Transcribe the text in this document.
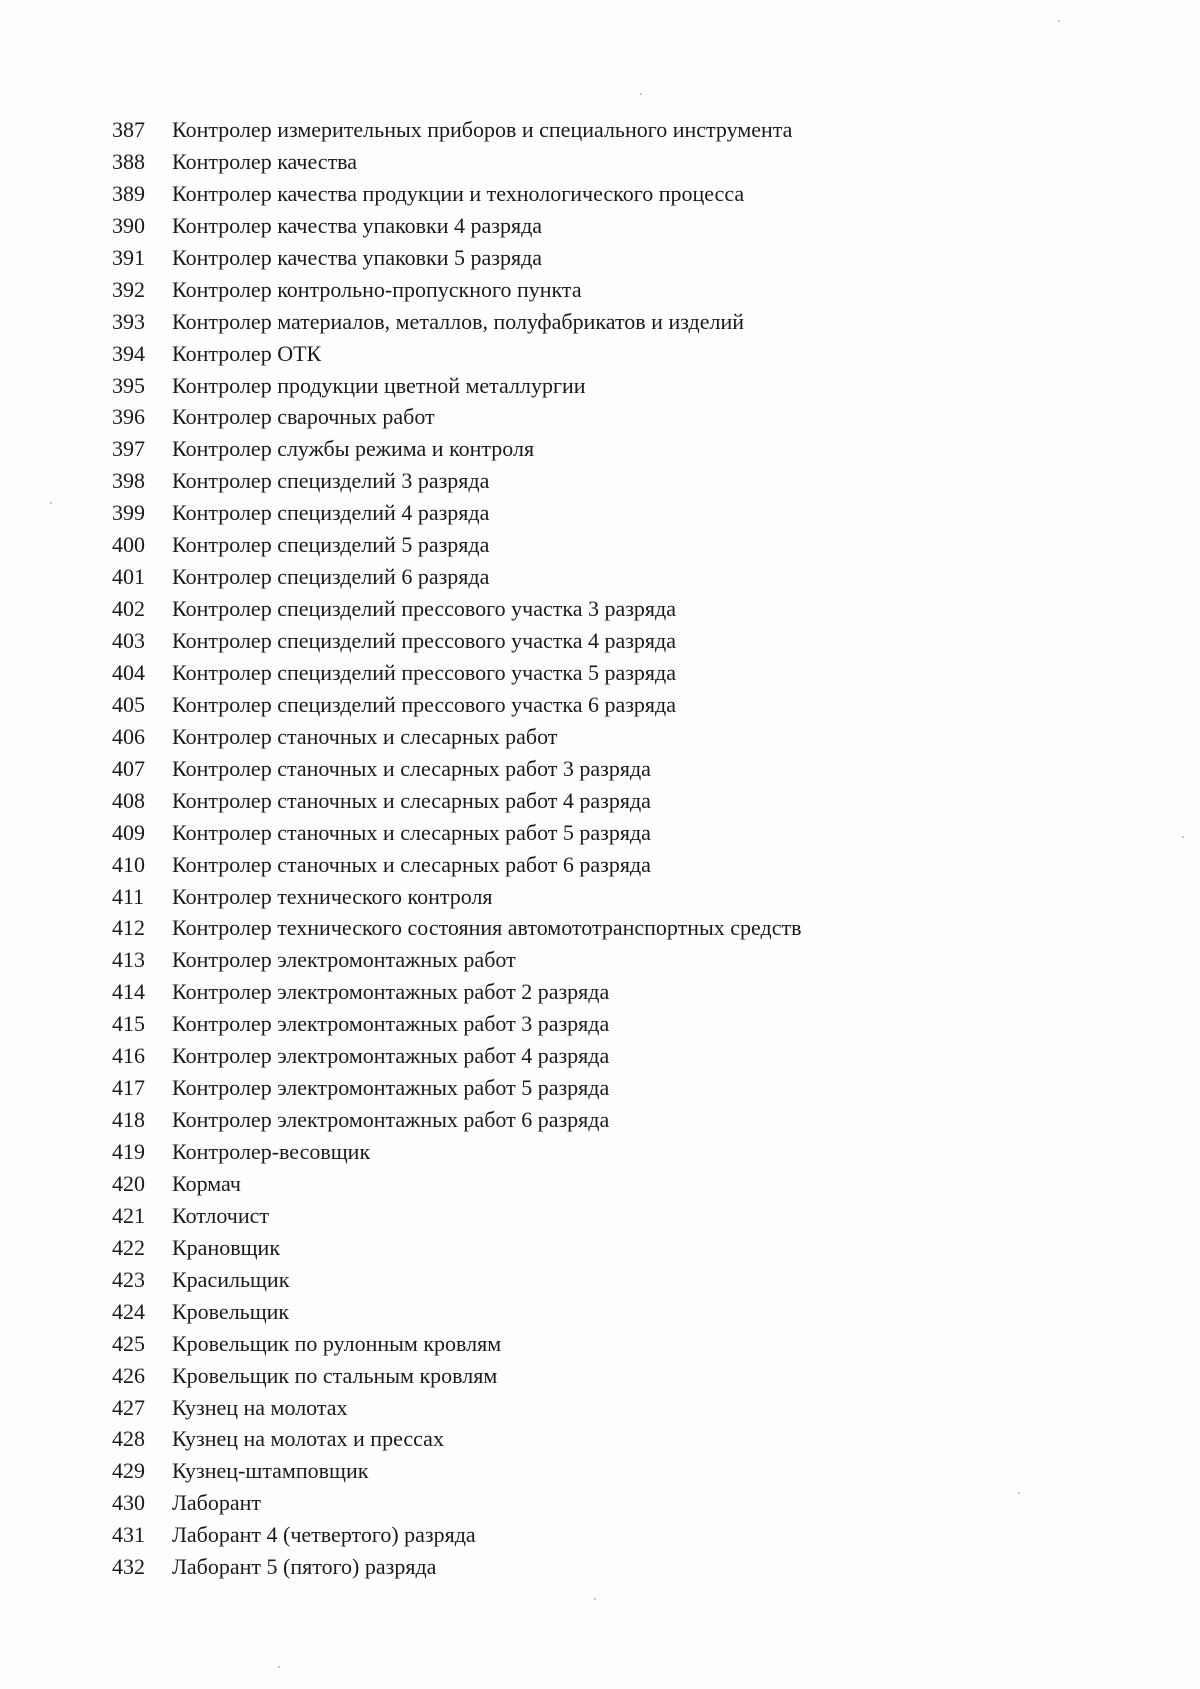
387	Контролер измерительных приборов и специального инструмента
388	Контролер качества
389	Контролер качества продукции и технологического процесса
390	Контролер качества упаковки 4 разряда
391	Контролер качества упаковки 5 разряда
392	Контролер контрольно-пропускного пункта
393	Контролер материалов, металлов, полуфабрикатов и изделий
394	Контролер ОТК
395	Контролер продукции цветной металлургии
396	Контролер сварочных работ
397	Контролер службы режима и контроля
398	Контролер специзделий 3 разряда
399	Контролер специзделий 4 разряда
400	Контролер специзделий 5 разряда
401	Контролер специзделий 6 разряда
402	Контролер специзделий прессового участка 3 разряда
403	Контролер специзделий прессового участка 4 разряда
404	Контролер специзделий прессового участка 5 разряда
405	Контролер специзделий прессового участка 6 разряда
406	Контролер станочных и слесарных работ
407	Контролер станочных и слесарных работ 3 разряда
408	Контролер станочных и слесарных работ 4 разряда
409	Контролер станочных и слесарных работ 5 разряда
410	Контролер станочных и слесарных работ 6 разряда
411	Контролер технического контроля
412	Контролер технического состояния автомототранспортных средств
413	Контролер электромонтажных работ
414	Контролер электромонтажных работ 2 разряда
415	Контролер электромонтажных работ 3 разряда
416	Контролер электромонтажных работ 4 разряда
417	Контролер электромонтажных работ 5 разряда
418	Контролер электромонтажных работ 6 разряда
419	Контролер-весовщик
420	Кормач
421	Котлочист
422	Крановщик
423	Красильщик
424	Кровельщик
425	Кровельщик по рулонным кровлям
426	Кровельщик по стальным кровлям
427	Кузнец на молотах
428	Кузнец на молотах и прессах
429	Кузнец-штамповщик
430	Лаборант
431	Лаборант 4 (четвертого) разряда
432	Лаборант 5 (пятого) разряда
